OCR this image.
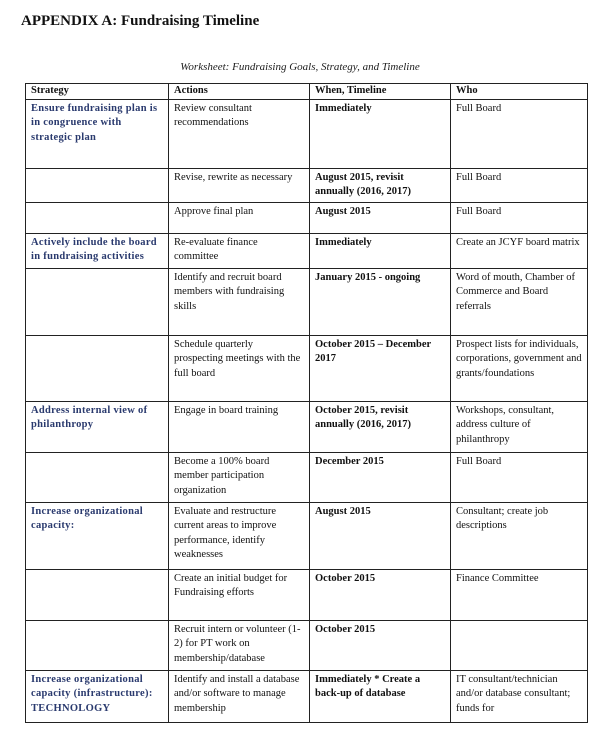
APPENDIX A: Fundraising Timeline
Worksheet: Fundraising Goals, Strategy, and Timeline
Strategy	Actions	When, Timeline	Who
Ensure fundraising plan is in congruence with strategic plan	Review consultant recommendations	Immediately	Full Board
	Revise, rewrite as necessary	August 2015, revisit annually (2016, 2017)	Full Board
	Approve final plan	August 2015	Full Board
Actively include the board in fundraising activities	Re-evaluate finance committee	Immediately	Create an JCYF board matrix
	Identify and recruit board members with fundraising skills	January 2015 - ongoing	Word of mouth, Chamber of Commerce and Board referrals
	Schedule quarterly prospecting meetings with the full board	October 2015 – December 2017	Prospect lists for individuals, corporations, government and grants/foundations
Address internal view of philanthropy	Engage in board training	October 2015, revisit annually (2016, 2017)	Workshops, consultant, address culture of philanthropy
	Become a 100% board member participation organization	December 2015	Full Board
Increase organizational capacity:	Evaluate and restructure current areas to improve performance, identify weaknesses	August 2015	Consultant; create job descriptions
	Create an initial budget for Fundraising efforts	October 2015	Finance Committee
	Recruit intern or volunteer (1-2) for PT work on membership/database	October 2015	
Increase organizational capacity (infrastructure): TECHNOLOGY	Identify and install a database and/or software to manage membership	Immediately * Create a back-up of database	IT consultant/technician and/or database consultant; funds for
